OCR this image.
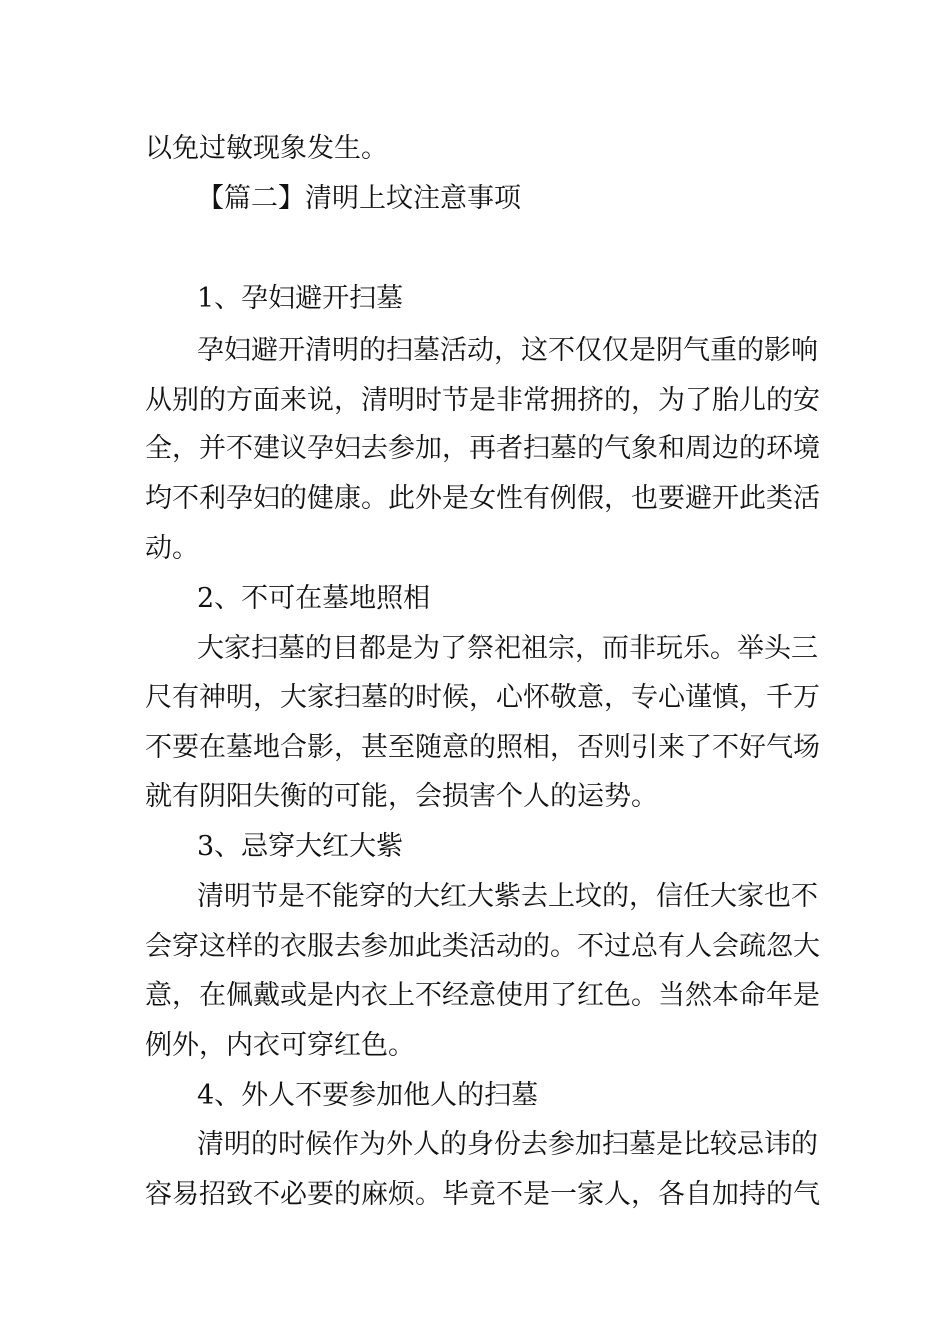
以免过敏现象发生。
【篇二】清明上坟注意事项
1、孕妇避开扫墓
孕妇避开清明的扫墓活动，这不仅仅是阴气重的影响
从别的方面来说，清明时节是非常拥挤的，为了胎儿的安
全，并不建议孕妇去参加，再者扫墓的气象和周边的环境
均不利孕妇的健康。此外是女性有例假，也要避开此类活
动。
2、不可在墓地照相
大家扫墓的目都是为了祭祀祖宗，而非玩乐。举头三
尺有神明，大家扫墓的时候，心怀敬意，专心谨慎，千万
不要在墓地合影，甚至随意的照相，否则引来了不好气场
就有阴阳失衡的可能，会损害个人的运势。
3、忌穿大红大紫
清明节是不能穿的大红大紫去上坟的，信任大家也不
会穿这样的衣服去参加此类活动的。不过总有人会疏忽大
意，在佩戴或是内衣上不经意使用了红色。当然本命年是
例外，内衣可穿红色。
4、外人不要参加他人的扫墓
清明的时候作为外人的身份去参加扫墓是比较忌讳的
容易招致不必要的麻烦。毕竟不是一家人，各自加持的气
